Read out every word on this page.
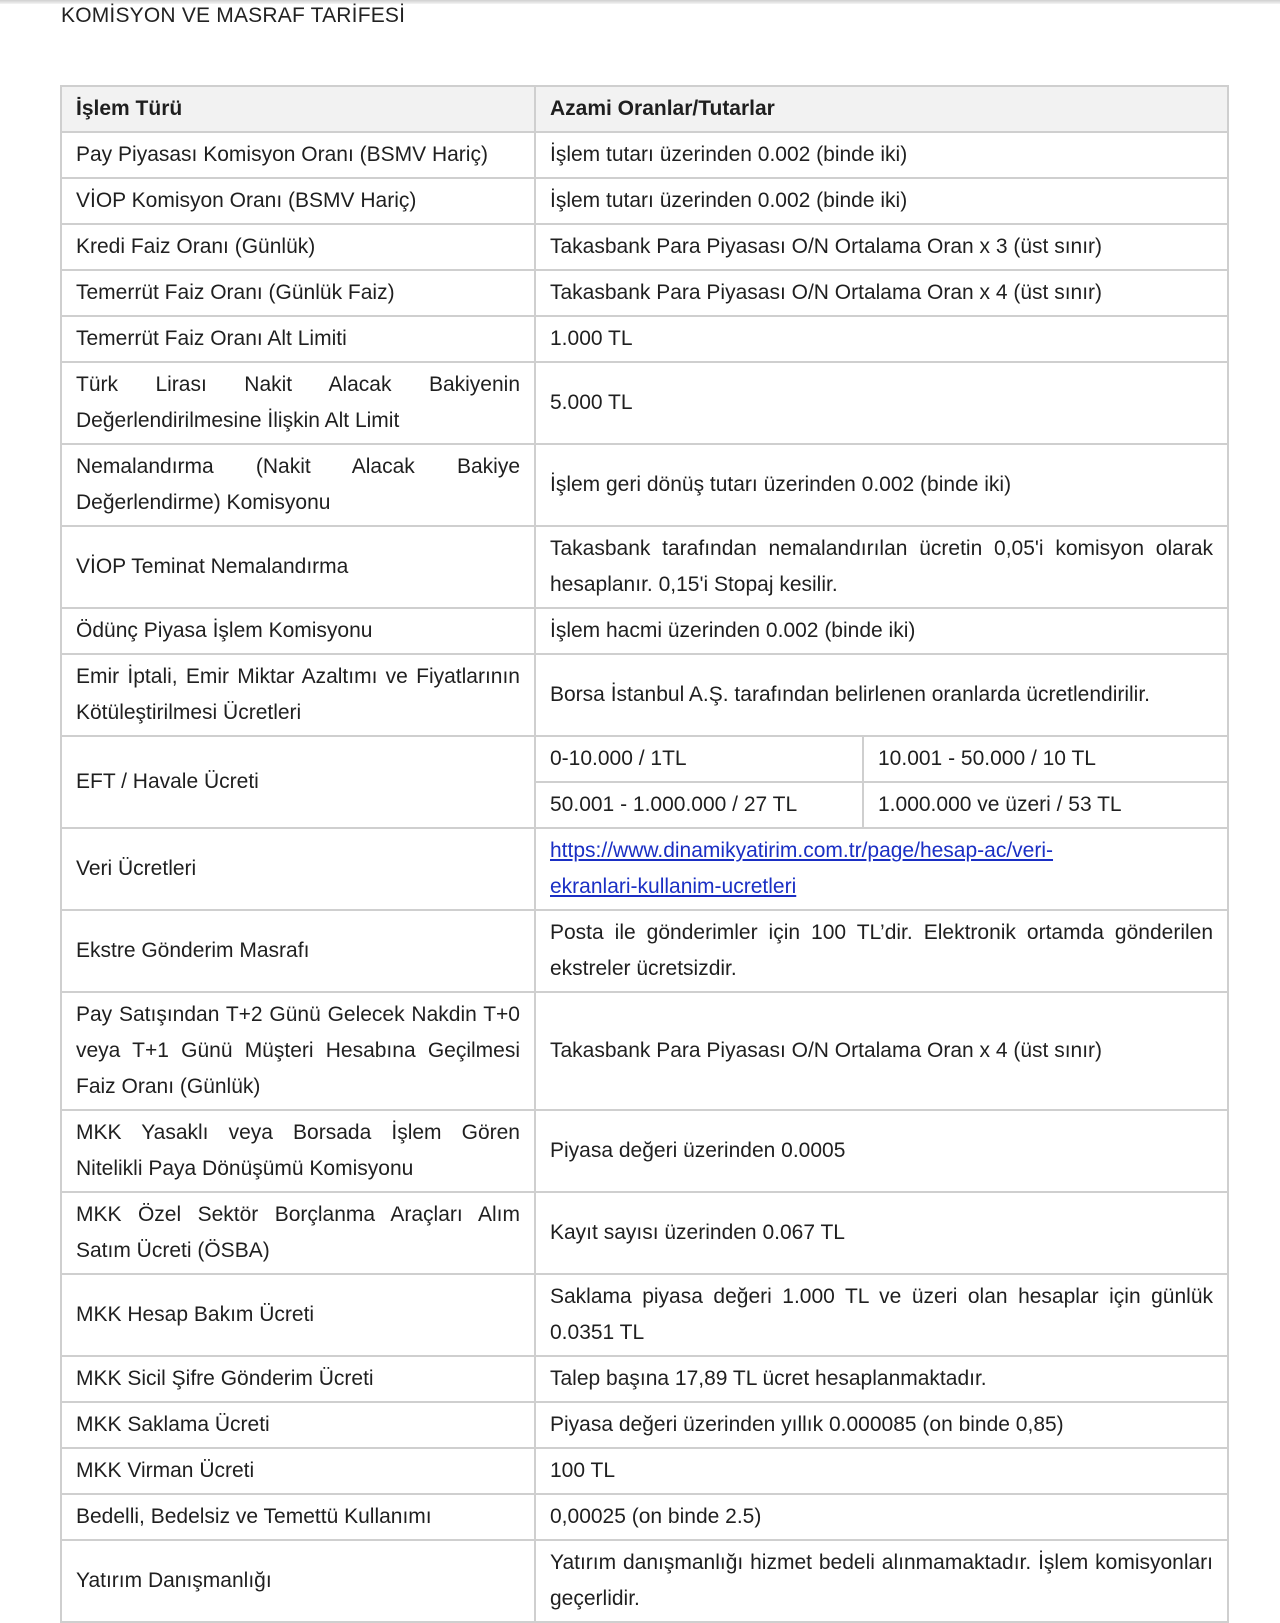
KOMİSYON VE MASRAF TARİFESİ
İşlem Türü	Azami Oranlar/Tutarlar	
Pay Piyasası Komisyon Oranı (BSMV Hariç)	İşlem tutarı üzerinden 0.002 (binde iki)	
VİOP Komisyon Oranı (BSMV Hariç)	İşlem tutarı üzerinden 0.002 (binde iki)	
Kredi Faiz Oranı (Günlük)	Takasbank Para Piyasası O/N Ortalama Oran x 3 (üst sınır)	
Temerrüt Faiz Oranı (Günlük Faiz)	Takasbank Para Piyasası O/N Ortalama Oran x 4 (üst sınır)	
Temerrüt Faiz Oranı Alt Limiti	1.000 TL	
Türk Lirası Nakit Alacak Bakiyenin Değerlendirilmesine İlişkin Alt Limit	5.000 TL	
Nemalandırma (Nakit Alacak Bakiye Değerlendirme) Komisyonu	İşlem geri dönüş tutarı üzerinden 0.002 (binde iki)	
VİOP Teminat Nemalandırma	Takasbank tarafından nemalandırılan ücretin 0,05'i komisyon olarak hesaplanır. 0,15'i Stopaj kesilir.	
Ödünç Piyasa İşlem Komisyonu	İşlem hacmi üzerinden 0.002 (binde iki)	
Emir İptali, Emir Miktar Azaltımı ve Fiyatlarının Kötüleştirilmesi Ücretleri	Borsa İstanbul A.Ş. tarafından belirlenen oranlarda ücretlendirilir.	
EFT / Havale Ücreti	0-10.000 / 1TL	10.001 - 50.000 / 10 TL
	50.001 - 1.000.000 / 27 TL	1.000.000 ve üzeri / 53 TL
Veri Ücretleri	https://www.dinamikyatirim.com.tr/page/hesap-ac/veri-
ekranlari-kullanim-ucretleri	
Ekstre Gönderim Masrafı	Posta ile gönderimler için 100 TL’dir. Elektronik ortamda gönderilen ekstreler ücretsizdir.	
Pay Satışından T+2 Günü Gelecek Nakdin T+0 veya T+1 Günü Müşteri Hesabına Geçilmesi Faiz Oranı (Günlük)	Takasbank Para Piyasası O/N Ortalama Oran x 4 (üst sınır)	
MKK Yasaklı veya Borsada İşlem Gören Nitelikli Paya Dönüşümü Komisyonu	Piyasa değeri üzerinden 0.0005	
MKK Özel Sektör Borçlanma Araçları Alım Satım Ücreti (ÖSBA)	Kayıt sayısı üzerinden 0.067 TL	
MKK Hesap Bakım Ücreti	Saklama piyasa değeri 1.000 TL ve üzeri olan hesaplar için günlük 0.0351 TL	
MKK Sicil Şifre Gönderim Ücreti	Talep başına 17,89 TL ücret hesaplanmaktadır.	
MKK Saklama Ücreti	Piyasa değeri üzerinden yıllık 0.000085 (on binde 0,85)	
MKK Virman Ücreti	100 TL	
Bedelli, Bedelsiz ve Temettü Kullanımı	0,00025 (on binde 2.5)	
Yatırım Danışmanlığı	Yatırım danışmanlığı hizmet bedeli alınmamaktadır. İşlem komisyonları geçerlidir.	
